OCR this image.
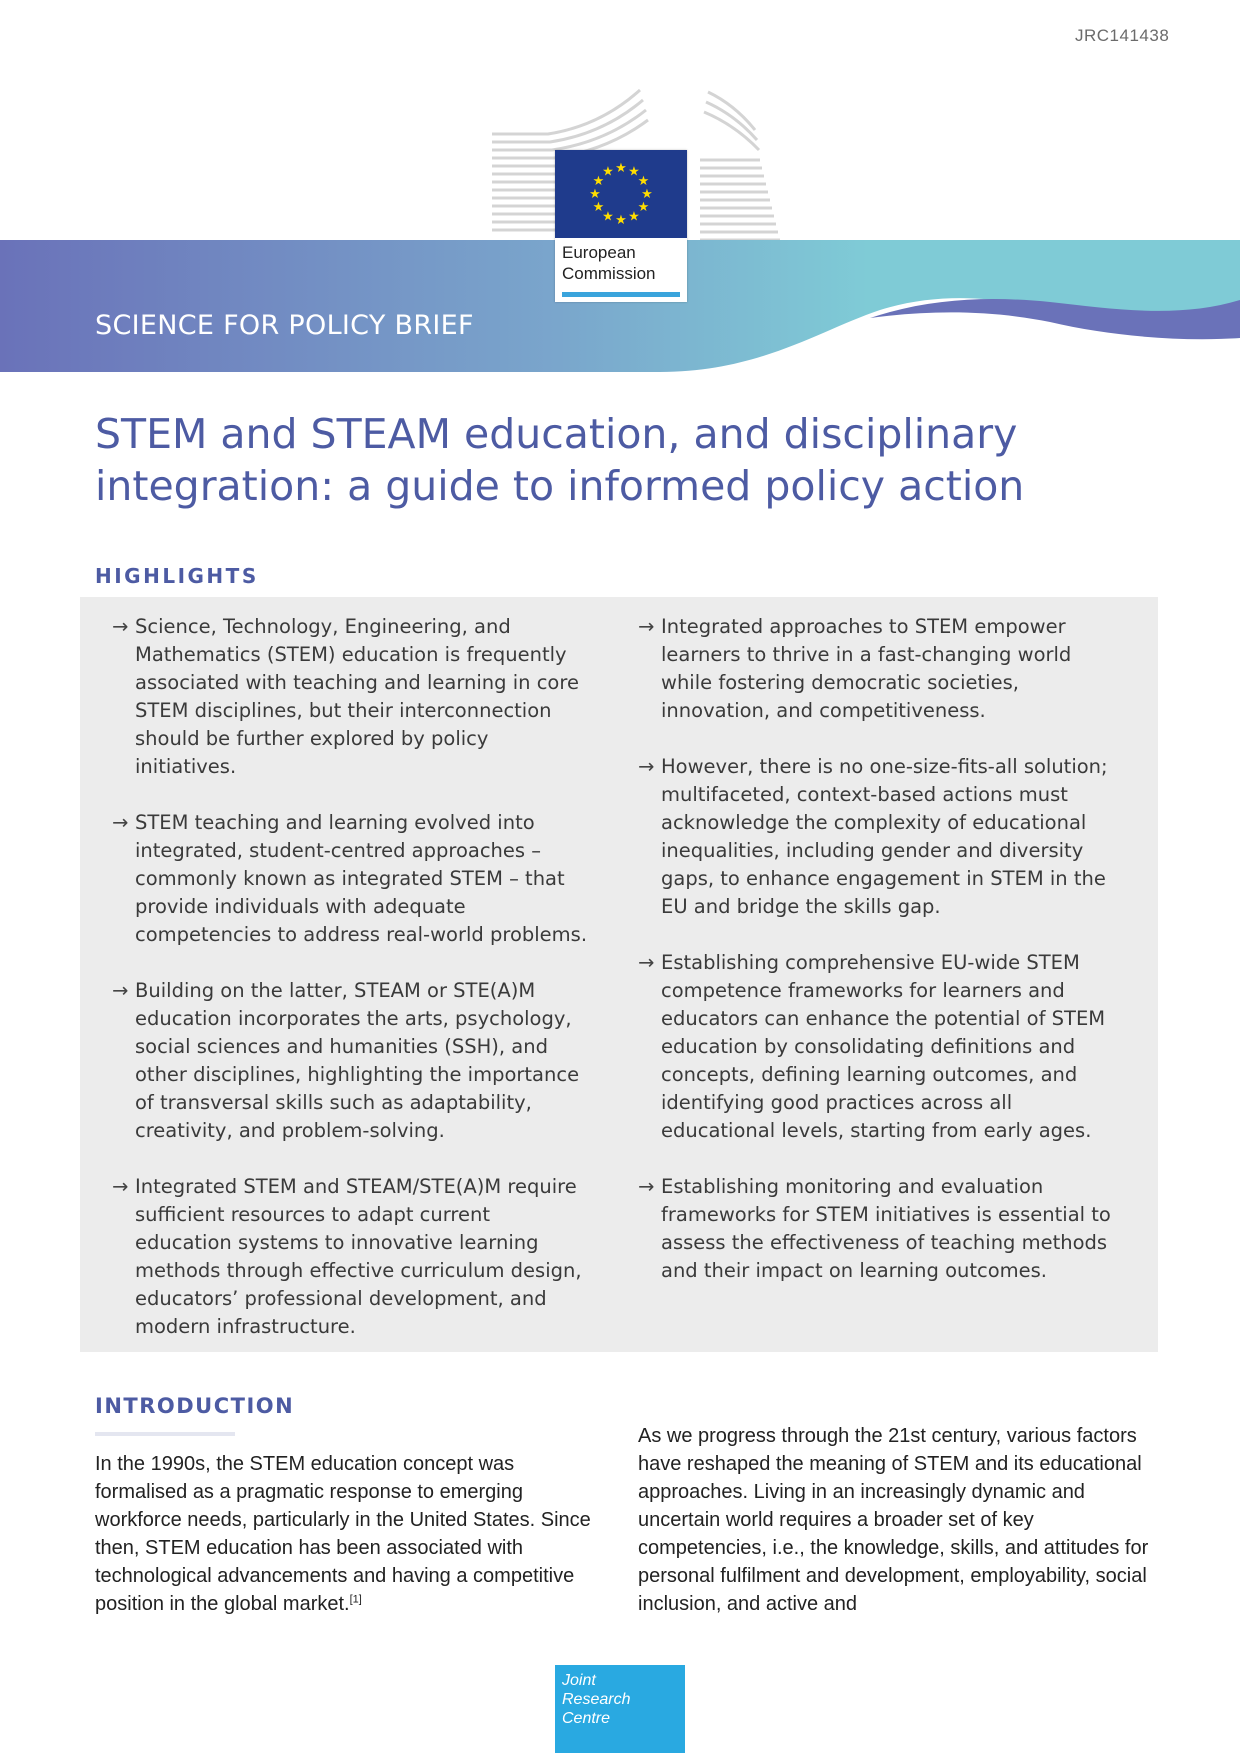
JRC141438
★ ★
★
★
★
★
★
★
★
★
★
★
European Commission
SCIENCE FOR POLICY BRIEF
STEM and STEAM education, and disciplinary integration: a guide to informed policy action
HIGHLIGHTS
→ Science, Technology, Engineering, and Mathematics (STEM) education is frequently associated with teaching and learning in core STEM disciplines, but their interconnection should be further explored by policy initiatives.
→ STEM teaching and learning evolved into integrated, student-centred approaches – commonly known as integrated STEM – that provide individuals with adequate competencies to address real-world problems.
→ Building on the latter, STEAM or STE(A)M education incorporates the arts, psychology, social sciences and humanities (SSH), and other disciplines, highlighting the importance of transversal skills such as adaptability, creativity, and problem-solving.
→ Integrated STEM and STEAM/STE(A)M require sufficient resources to adapt current education systems to innovative learning methods through effective curriculum design, educators’ professional development, and modern infrastructure.
→ Integrated approaches to STEM empower learners to thrive in a fast-changing world while fostering democratic societies, innovation, and competitiveness.
→ However, there is no one-size-fits-all solution; multifaceted, context-based actions must acknowledge the complexity of educational inequalities, including gender and diversity gaps, to enhance engagement in STEM in the EU and bridge the skills gap.
→ Establishing comprehensive EU-wide STEM competence frameworks for learners and educators can enhance the potential of STEM education by consolidating definitions and concepts, defining learning outcomes, and identifying good practices across all educational levels, starting from early ages.
→ Establishing monitoring and evaluation frameworks for STEM initiatives is essential to assess the effectiveness of teaching methods and their impact on learning outcomes.
INTRODUCTION

In the 1990s, the STEM education concept was formalised as a pragmatic response to emerging workforce needs, particularly in the United States. Since then, STEM education has been associated with technological advancements and having a competitive position in the global market.[1]

As we progress through the 21st century, various factors have reshaped the meaning of STEM and its educational approaches. Living in an increasingly dynamic and uncertain world requires a broader set of key competencies, i.e., the knowledge, skills, and attitudes for personal fulfilment and development, employability, social inclusion, and active and

Joint
Research
Centre
